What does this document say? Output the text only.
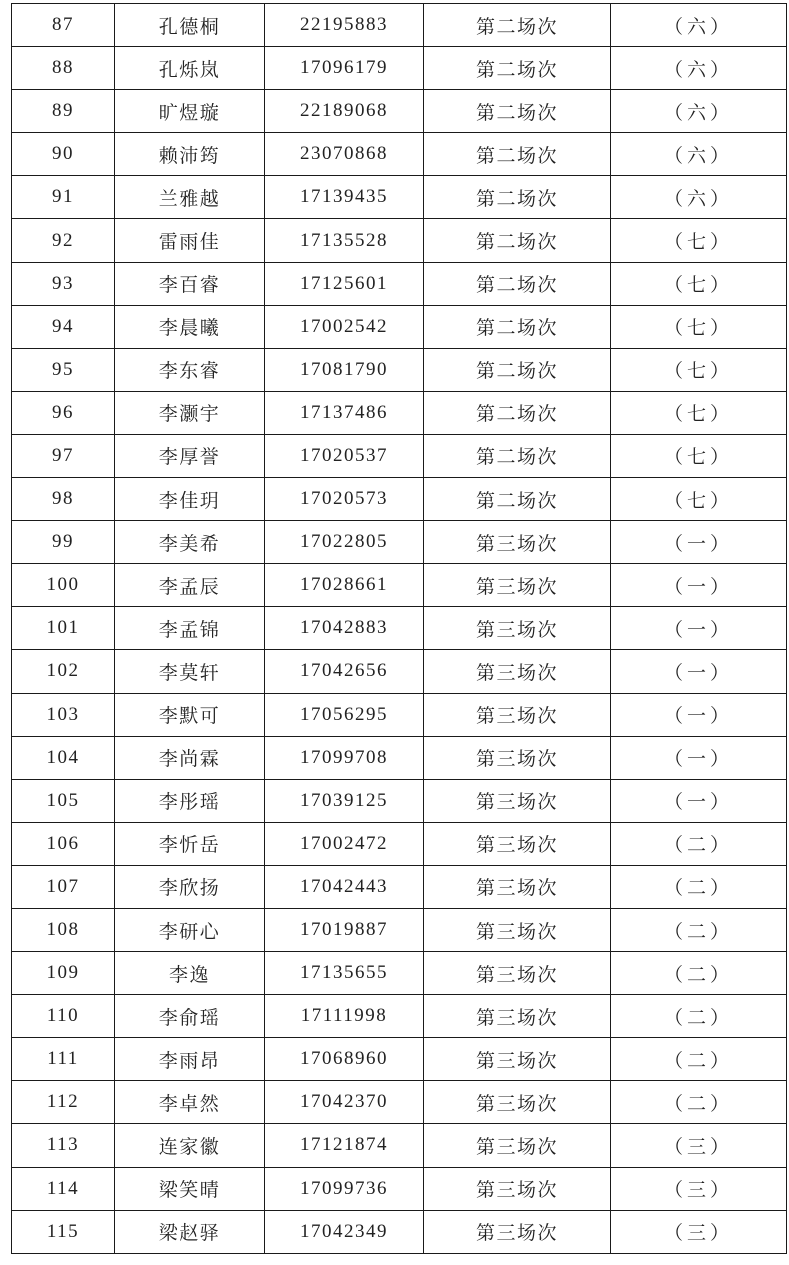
87	孔德桐	22195883	第二场次	（六）
88	孔烁岚	17096179	第二场次	（六）
89	旷煜璇	22189068	第二场次	（六）
90	赖沛筠	23070868	第二场次	（六）
91	兰雅越	17139435	第二场次	（六）
92	雷雨佳	17135528	第二场次	（七）
93	李百睿	17125601	第二场次	（七）
94	李晨曦	17002542	第二场次	（七）
95	李东睿	17081790	第二场次	（七）
96	李灏宇	17137486	第二场次	（七）
97	李厚誉	17020537	第二场次	（七）
98	李佳玥	17020573	第二场次	（七）
99	李美希	17022805	第三场次	（一）
100	李孟辰	17028661	第三场次	（一）
101	李孟锦	17042883	第三场次	（一）
102	李莫轩	17042656	第三场次	（一）
103	李默可	17056295	第三场次	（一）
104	李尚霖	17099708	第三场次	（一）
105	李彤瑶	17039125	第三场次	（一）
106	李忻岳	17002472	第三场次	（二）
107	李欣扬	17042443	第三场次	（二）
108	李研心	17019887	第三场次	（二）
109	李逸	17135655	第三场次	（二）
110	李俞瑶	17111998	第三场次	（二）
111	李雨昂	17068960	第三场次	（二）
112	李卓然	17042370	第三场次	（二）
113	连家徽	17121874	第三场次	（三）
114	梁笑晴	17099736	第三场次	（三）
115	梁赵驿	17042349	第三场次	（三）
